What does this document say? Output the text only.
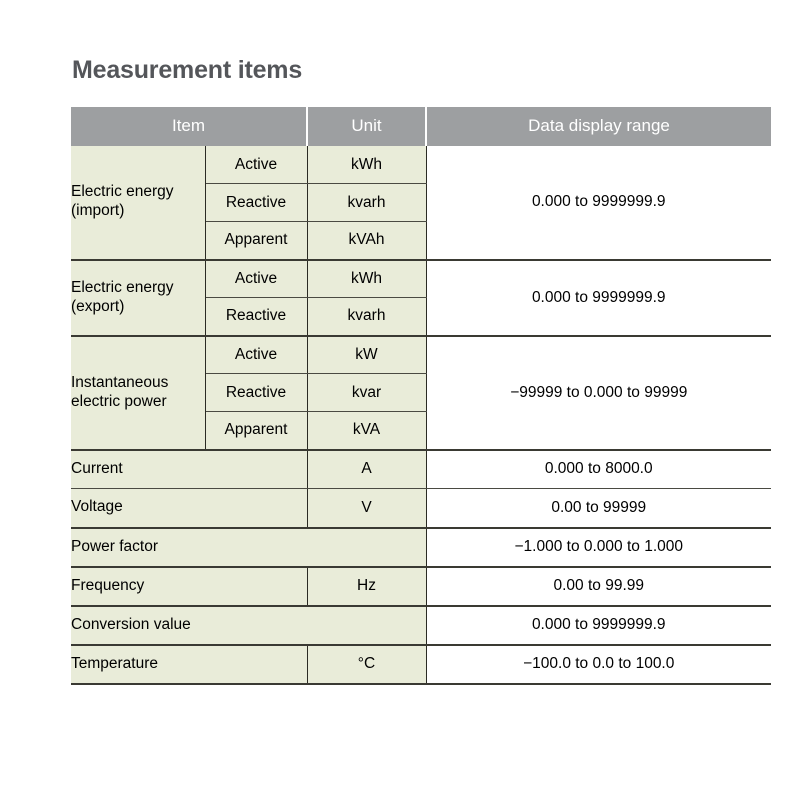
Measurement items
Item		Unit	Data display range
Electric energy
(import)	Active	kWh	0.000 to 9999999.9
	Reactive	kvarh	
	Apparent	kVAh	
Electric energy
(export)	Active	kWh	0.000 to 9999999.9
	Reactive	kvarh	
Instantaneous
electric power	Active	kW	−99999 to 0.000 to 99999
	Reactive	kvar	
	Apparent	kVA	
Current		A	0.000 to 8000.0
Voltage		V	0.00 to 99999
Power factor			−1.000 to 0.000 to 1.000
Frequency		Hz	0.00 to 99.99
Conversion value			0.000 to 9999999.9
Temperature		°C	−100.0 to 0.0 to 100.0
